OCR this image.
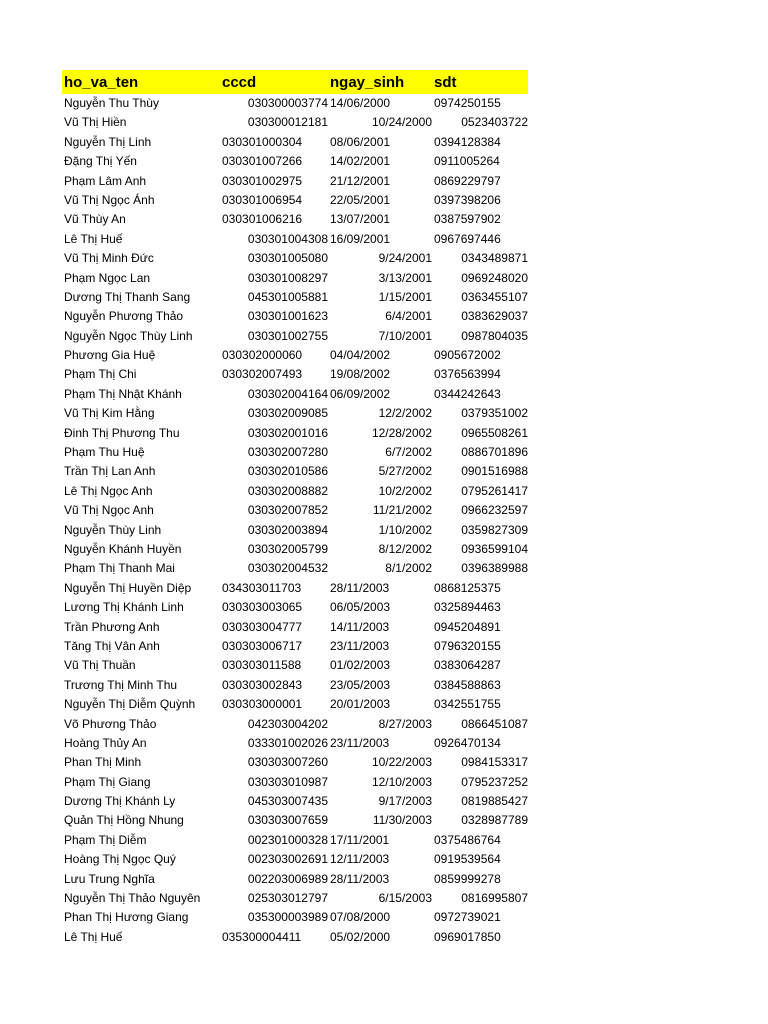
ho_va_ten	cccd	ngay_sinh sdt
Nguyễn Thu Thùy	030300003774 14/06/2000	0974250155
Vũ Thị Hiền	030300012181	10/24/2000 0523403722
Nguyễn Thị Linh	030301000304 08/06/2001	0394128384
Đặng Thị Yến	030301007266 14/02/2001	0911005264
Phạm Lâm Anh	030301002975 21/12/2001	0869229797
Vũ Thị Ngọc Ánh	030301006954 22/05/2001	0397398206
Vũ Thùy An	030301006216 13/07/2001	0387597902
Lê Thị Huế	030301004308 16/09/2001	0967697446
Vũ Thị Minh Đức	030301005080	9/24/2001 0343489871
Phạm Ngọc Lan	030301008297	3/13/2001 0969248020
Dương Thị Thanh Sang	045301005881	1/15/2001 0363455107
Nguyễn Phương Thảo	030301001623	6/4/2001 0383629037
Nguyễn Ngọc Thùy Linh	030301002755	7/10/2001 0987804035
Phương Gia Huệ	030302000060 04/04/2002	0905672002
Phạm Thị Chi	030302007493 19/08/2002	0376563994
Phạm Thị Nhật Khánh	030302004164 06/09/2002	0344242643
Vũ Thị Kim Hằng	030302009085	12/2/2002 0379351002
Đinh Thị Phương Thu	030302001016	12/28/2002 0965508261
Phạm Thu Huệ	030302007280	6/7/2002 0886701896
Trần Thị Lan Anh	030302010586	5/27/2002 0901516988
Lê Thị Ngọc Anh	030302008882	10/2/2002 0795261417
Vũ Thị Ngọc Anh	030302007852	11/21/2002 0966232597
Nguyễn Thùy Linh	030302003894	1/10/2002 0359827309
Nguyễn Khánh Huyền	030302005799	8/12/2002 0936599104
Phạm Thị Thanh Mai	030302004532	8/1/2002 0396389988
Nguyễn Thị Huyền Diệp	034303011703 28/11/2003	0868125375
Lương Thị Khánh Linh	030303003065 06/05/2003	0325894463
Trần Phương Anh	030303004777 14/11/2003	0945204891
Tăng Thị Vân Anh	030303006717 23/11/2003	0796320155
Vũ Thị Thuần	030303011588 01/02/2003	0383064287
Trương Thị Minh Thu	030303002843 23/05/2003	0384588863
Nguyễn Thị Diễm Quỳnh 030303000001 20/01/2003	0342551755
Võ Phương Thảo	042303004202	8/27/2003 0866451087
Hoàng Thủy An	033301002026 23/11/2003	0926470134
Phan Thị Minh	030303007260	10/22/2003 0984153317
Phạm Thị Giang	030303010987	12/10/2003 0795237252
Dương Thị Khánh Ly	045303007435	9/17/2003 0819885427
Quản Thị Hồng Nhung	030303007659	11/30/2003 0328987789
Phạm Thị Diễm	002301000328 17/11/2001	0375486764
Hoàng Thị Ngọc Quý	002303002691 12/11/2003	0919539564
Lưu Trung Nghĩa	002203006989 28/11/2003	0859999278
Nguyễn Thị Thảo Nguyên	025303012797	6/15/2003 0816995807
Phan Thị Hương Giang	035300003989 07/08/2000	0972739021
Lê Thị Huế	035300004411 05/02/2000	0969017850
